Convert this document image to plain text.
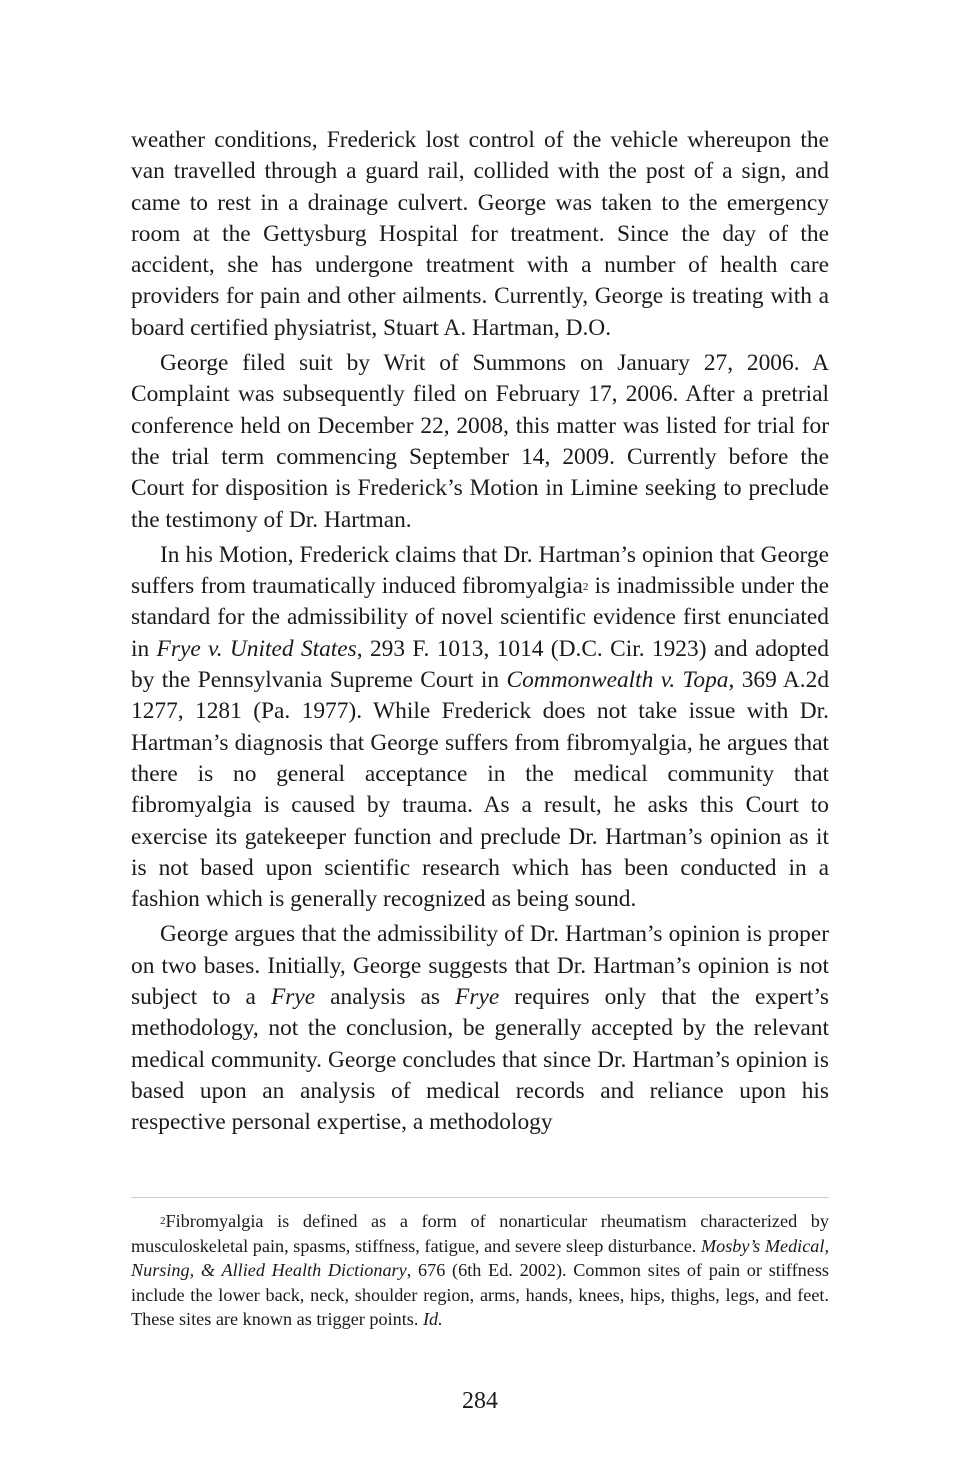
weather conditions, Frederick lost control of the vehicle whereupon the van travelled through a guard rail, collided with the post of a sign, and came to rest in a drainage culvert. George was taken to the emergency room at the Gettysburg Hospital for treatment. Since the day of the accident, she has undergone treatment with a number of health care providers for pain and other ailments. Currently, George is treating with a board certified physiatrist, Stuart A. Hartman, D.O.

George filed suit by Writ of Summons on January 27, 2006. A Complaint was subsequently filed on February 17, 2006. After a pretrial conference held on December 22, 2008, this matter was listed for trial for the trial term commencing September 14, 2009. Currently before the Court for disposition is Frederick’s Motion in Limine seeking to preclude the testimony of Dr. Hartman.

In his Motion, Frederick claims that Dr. Hartman’s opinion that George suffers from traumatically induced fibromyalgia$^2$ is inadmissible under the standard for the admissibility of novel scientific evidence first enunciated in Frye v. United States, 293 F. 1013, 1014 (D.C. Cir. 1923) and adopted by the Pennsylvania Supreme Court in Commonwealth v. Topa, 369 A.2d 1277, 1281 (Pa. 1977). While Frederick does not take issue with Dr. Hartman’s diagnosis that George suffers from fibromyalgia, he argues that there is no general acceptance in the medical community that fibromyalgia is caused by trauma. As a result, he asks this Court to exercise its gatekeeper function and preclude Dr. Hartman’s opinion as it is not based upon scientific research which has been conducted in a fashion which is generally recognized as being sound.

George argues that the admissibility of Dr. Hartman’s opinion is proper on two bases. Initially, George suggests that Dr. Hartman’s opinion is not subject to a Frye analysis as Frye requires only that the expert’s methodology, not the conclusion, be generally accepted by the relevant medical community. George concludes that since Dr. Hartman’s opinion is based upon an analysis of medical records and reliance upon his respective personal expertise, a methodology

$^2$Fibromyalgia is defined as a form of nonarticular rheumatism characterized by musculoskeletal pain, spasms, stiffness, fatigue, and severe sleep disturbance. Mosby’s Medical, Nursing, & Allied Health Dictionary, 676 (6th Ed. 2002). Common sites of pain or stiffness include the lower back, neck, shoulder region, arms, hands, knees, hips, thighs, legs, and feet. These sites are known as trigger points. Id.

284
